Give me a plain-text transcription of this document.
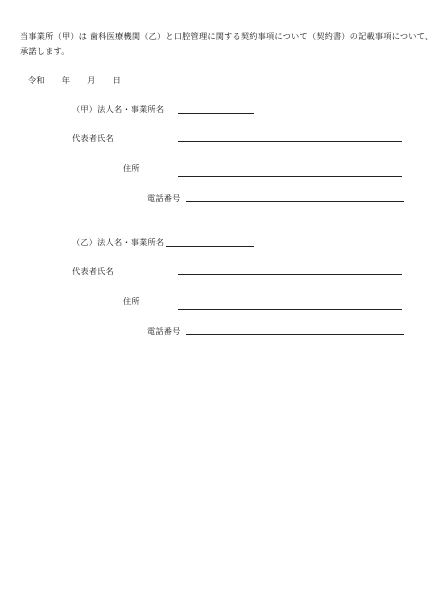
当事業所（甲）は 歯科医療機関（乙）と口腔管理に関する契約事項について（契約書）の記載事項について、
承諾します。
令和 年 月 日
（甲）法人名・事業所名
代表者氏名
住所
電話番号
（乙）法人名・事業所名
代表者氏名
住所
電話番号
